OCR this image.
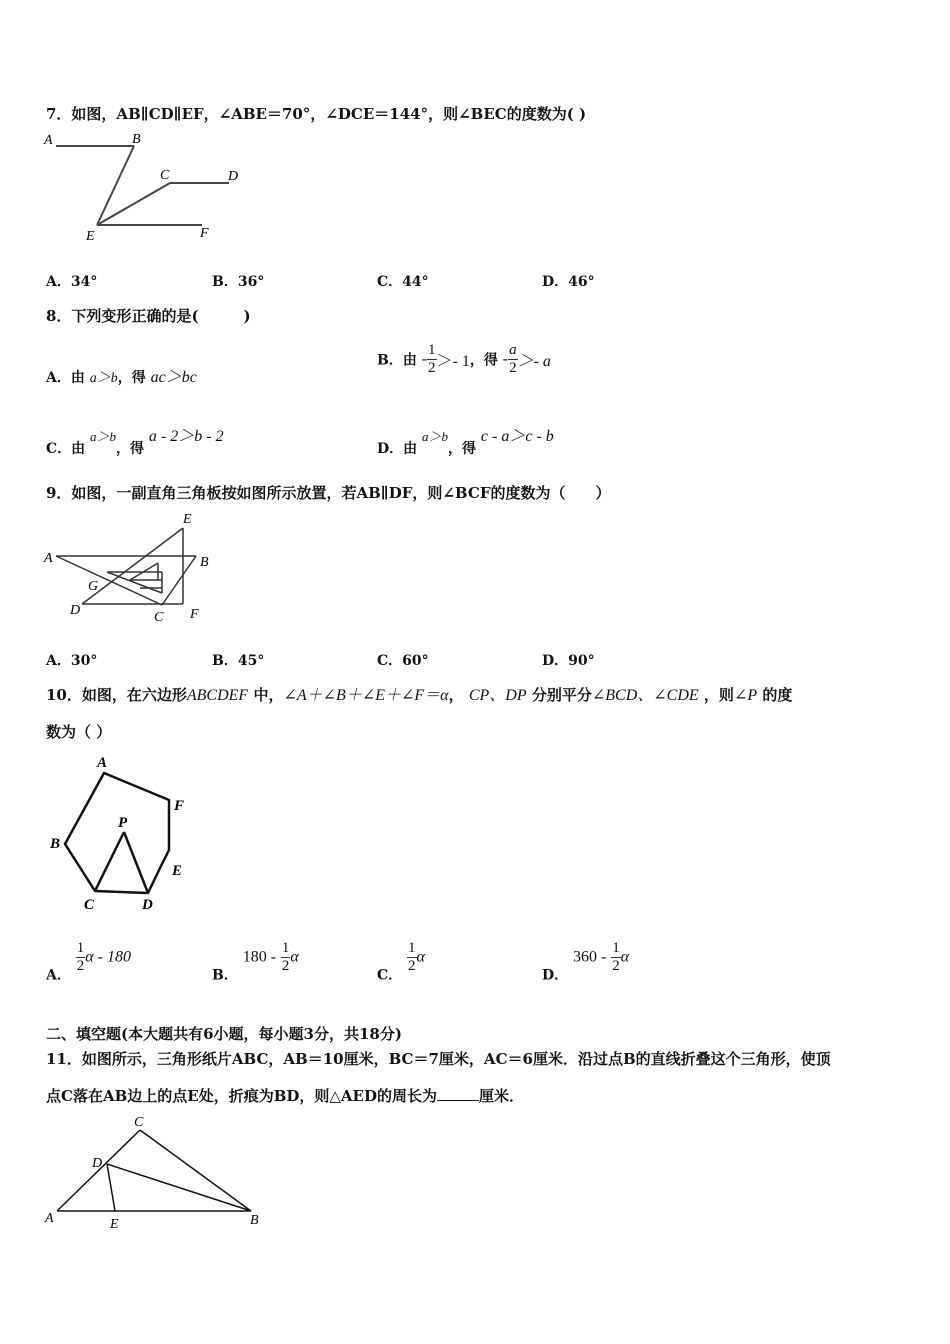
7．如图，AB∥CD∥EF，∠ABE＝70°，∠DCE＝144°，则∠BEC的度数为( )
A	B
C	D
E	F
A．34°	B．36°	C．44°	D．46°
8．下列变形正确的是(　　　)
A．由 a＞b，得 ac＞bc
B．由 - $\frac{1}{2} >- 1$，得 - $\frac{a}{2} >- a$
C．由 a＞b，得 a - 2＞b - 2
D．由 a＞b，得 c - a＞c - b
9．如图，一副直角三角板按如图所示放置，若AB∥DF，则∠BCF的度数为（　　）
A	B
C
D
E
F
G
A．30°	B．45°	C．60°	D．90°
10．如图，在六边形ABCDEF 中，∠A＋∠B＋∠E＋∠F＝α， CP、DP 分别平分∠BCD、∠CDE ，则∠P 的度
数为（ ）
A
F
P
B
E
C	D
A．
$\frac{1}{2}$ α - 180
B． $180 - \frac{1}{2}$ α
C．
$\frac{1}{2}$ α
D． $360 - \frac{1}{2}$ α
二、填空题(本大题共有6小题，每小题3分，共18分)
11．如图所示，三角形纸片ABC，AB＝10厘米，BC＝7厘米，AC＝6厘米．沿过点B的直线折叠这个三角形，使顶
点C落在AB边上的点E处，折痕为BD，则△AED的周长为	厘米．
C
D
A	E	B
